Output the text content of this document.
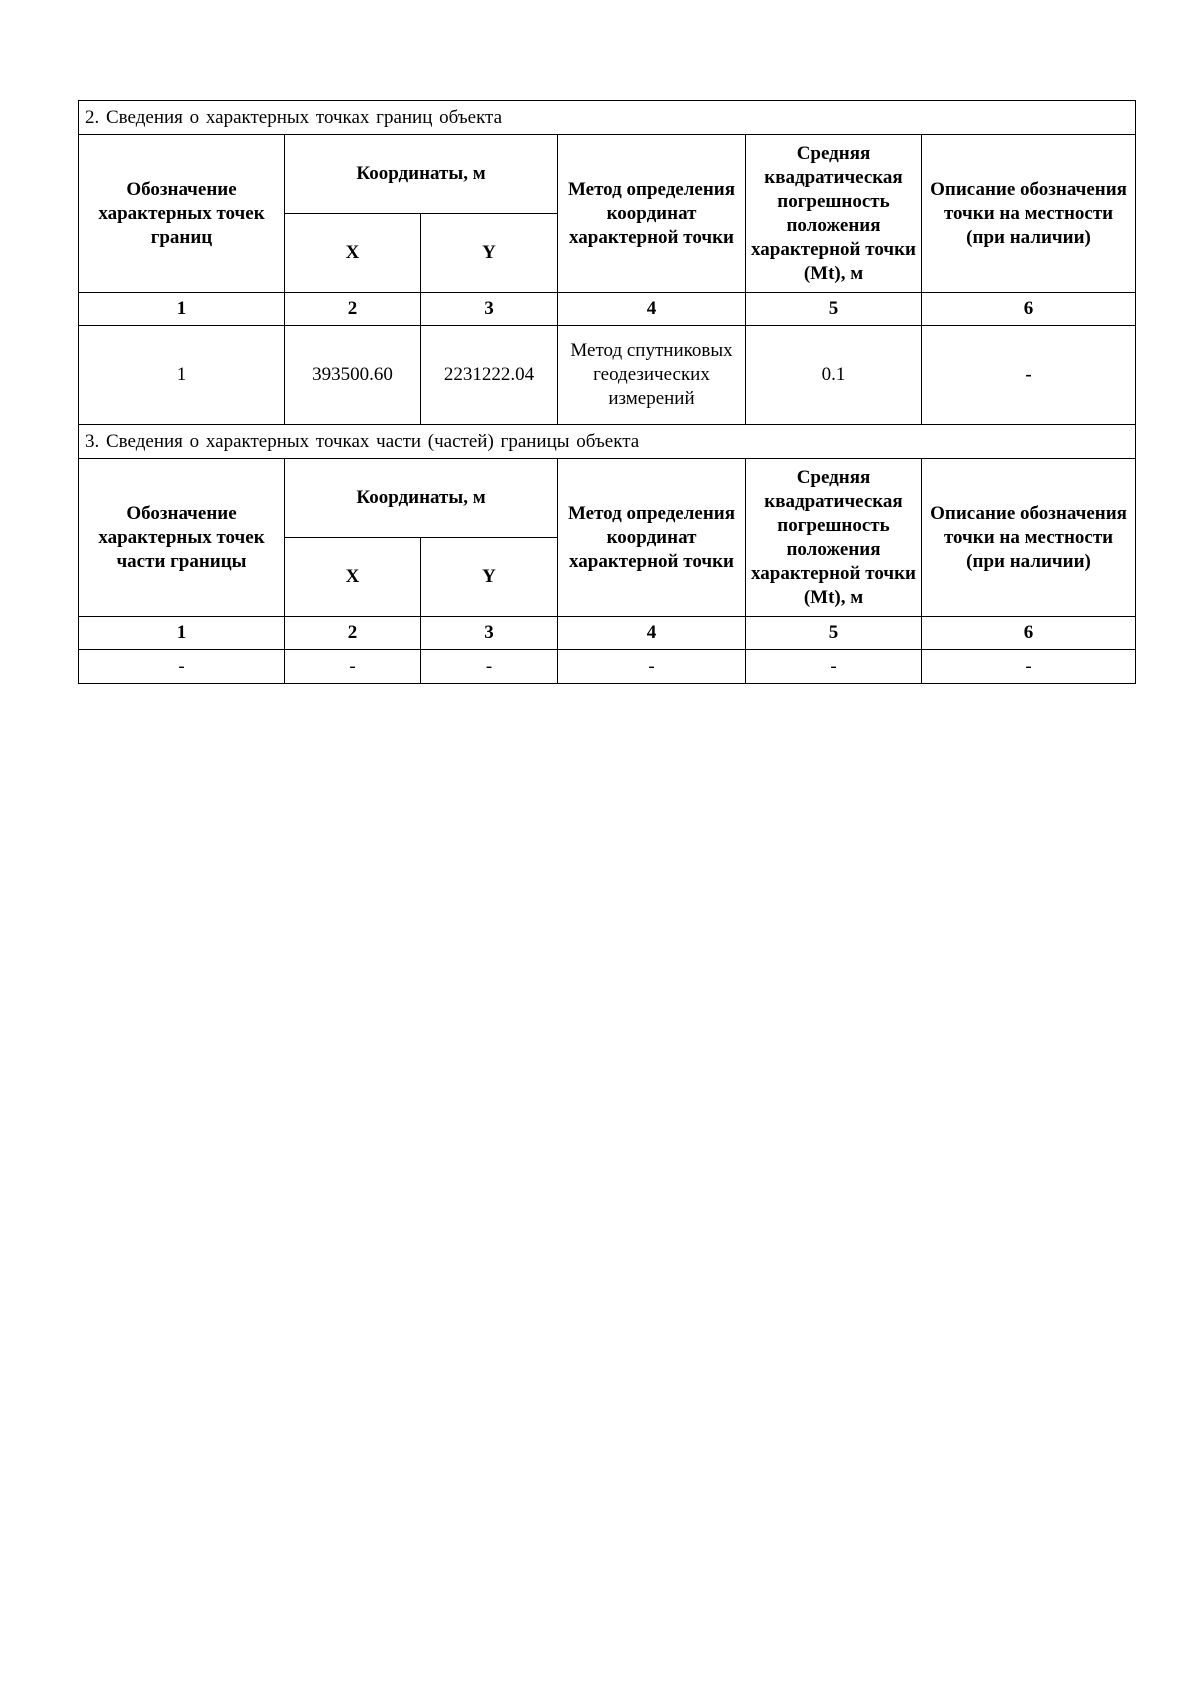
2. Сведения о характерных точках границ объекта					
Обозначение характерных точек границ	Координаты, м		Метод определения координат характерной точки	Средняя квадратическая погрешность положения характерной точки (Mt), м	Описание обозначения точки на местности (при наличии)
	X	Y			
1	2	3	4	5	6
1	393500.60	2231222.04	Метод спутниковых геодезических измерений	0.1	-
3. Сведения о характерных точках части (частей) границы объекта					
Обозначение характерных точек части границы	Координаты, м		Метод определения координат характерной точки	Средняя квадратическая погрешность положения характерной точки (Mt), м	Описание обозначения точки на местности (при наличии)
	X	Y			
1	2	3	4	5	6
-	-	-	-	-	-
